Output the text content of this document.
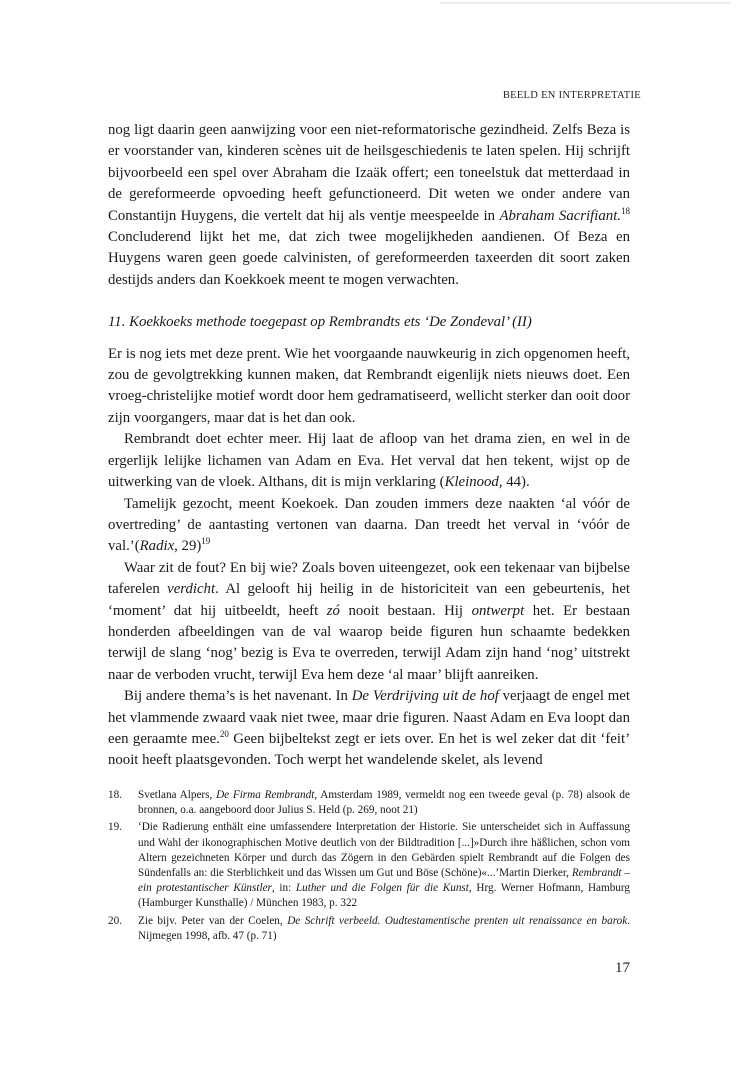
BEELD EN INTERPRETATIE

nog ligt daarin geen aanwijzing voor een niet-reformatorische gezindheid. Zelfs Beza is er voorstander van, kinderen scènes uit de heilsgeschiedenis te laten spelen. Hij schrijft bijvoorbeeld een spel over Abraham die Izaäk offert; een toneelstuk dat metterdaad in de gereformeerde opvoeding heeft gefunctioneerd. Dit weten we onder andere van Constantijn Huygens, die vertelt dat hij als ventje meespeelde in Abraham Sacrifiant.$^{18}$ Concluderend lijkt het me, dat zich twee mogelijkheden aandienen. Of Beza en Huygens waren geen goede calvinisten, of gereformeerden taxeerden dit soort zaken destijds anders dan Koekkoek meent te mogen verwachten.

11. Koekkoeks methode toegepast op Rembrandts ets ‘De Zondeval’ (II)

Er is nog iets met deze prent. Wie het voorgaande nauwkeurig in zich opgenomen heeft, zou de gevolgtrekking kunnen maken, dat Rembrandt eigenlijk niets nieuws doet. Een vroeg-christelijke motief wordt door hem gedramatiseerd, wellicht sterker dan ooit door zijn voorgangers, maar dat is het dan ook.

Rembrandt doet echter meer. Hij laat de afloop van het drama zien, en wel in de ergerlijk lelijke lichamen van Adam en Eva. Het verval dat hen tekent, wijst op de uitwerking van de vloek. Althans, dit is mijn verklaring (Kleinood, 44).

Tamelijk gezocht, meent Koekoek. Dan zouden immers deze naakten ‘al vóór de overtreding’ de aantasting vertonen van daarna. Dan treedt het verval in ‘vóór de val.’(Radix, 29)$^{19}$

Waar zit de fout? En bij wie? Zoals boven uiteengezet, ook een tekenaar van bijbelse taferelen verdicht. Al gelooft hij heilig in de historiciteit van een gebeurtenis, het ‘moment’ dat hij uitbeeldt, heeft zó nooit bestaan. Hij ontwerpt het. Er bestaan honderden afbeeldingen van de val waarop beide figuren hun schaamte bedekken terwijl de slang ‘nog’ bezig is Eva te overreden, terwijl Adam zijn hand ‘nog’ uitstrekt naar de verboden vrucht, terwijl Eva hem deze ‘al maar’ blijft aanreiken.

Bij andere thema’s is het navenant. In De Verdrijving uit de hof verjaagt de engel met het vlammende zwaard vaak niet twee, maar drie figuren. Naast Adam en Eva loopt dan een geraamte mee.$^{20}$ Geen bijbeltekst zegt er iets over. En het is wel zeker dat dit ‘feit’ nooit heeft plaatsgevonden. Toch werpt het wandelende skelet, als levend

18.	Svetlana Alpers, De Firma Rembrandt, Amsterdam 1989, vermeldt nog een tweede geval (p. 78) alsook de bronnen, o.a. aangeboord door Julius S. Held (p. 269, noot 21)
19.	‘Die Radierung enthält eine umfassendere Interpretation der Historie. Sie unterscheidet sich in Auffassung und Wahl der ikonographischen Motive deutlich von der Bildtradition [...]»Durch ihre häßlichen, schon vom Altern gezeichneten Körper und durch das Zögern in den Gebärden spielt Rembrandt auf die Folgen des Sündenfalls an: die Sterblichkeit und das Wissen um Gut und Böse (Schöne)«...’Martin Dierker, Rembrandt – ein protestantischer Künstler, in: Luther und die Folgen für die Kunst, Hrg. Werner Hofmann, Hamburg (Hamburger Kunsthalle) / München 1983, p. 322
20.	Zie bijv. Peter van der Coelen, De Schrift verbeeld. Oudtestamentische prenten uit renaissance en barok. Nijmegen 1998, afb. 47 (p. 71)
17
